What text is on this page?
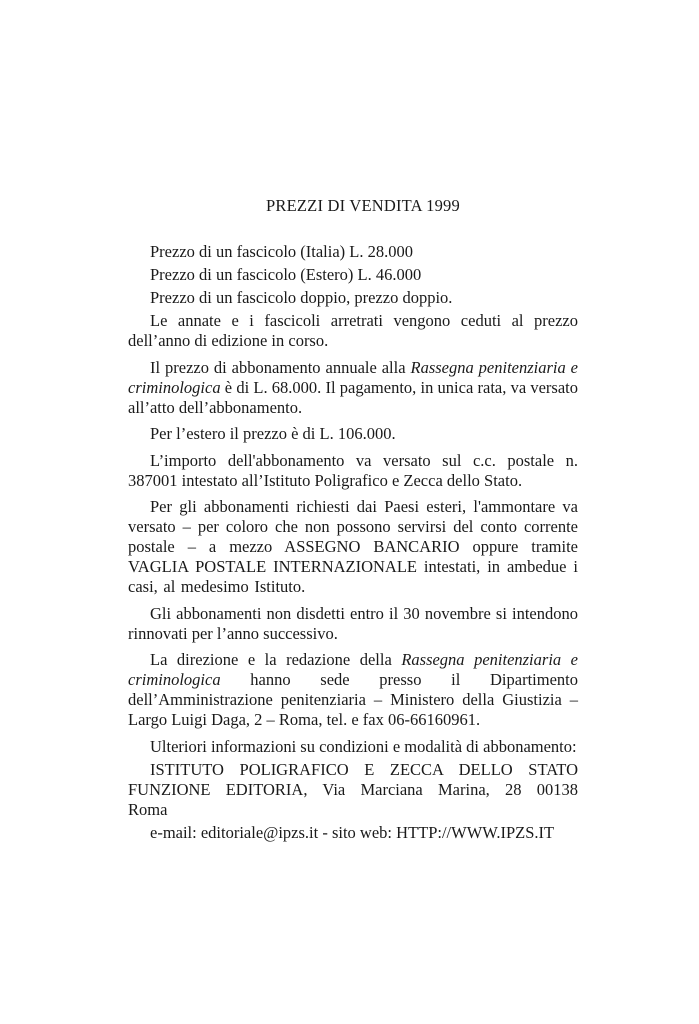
PREZZI DI VENDITA 1999

Prezzo di un fascicolo (Italia) L. 28.000

Prezzo di un fascicolo (Estero) L. 46.000

Prezzo di un fascicolo doppio, prezzo doppio.

Le annate e i fascicoli arretrati vengono ceduti al prezzo dell’anno di edizione in corso.

Il prezzo di abbonamento annuale alla Rassegna penitenziaria e criminologica è di L. 68.000. Il pagamento, in unica rata, va versato all’atto dell’abbonamento.

Per l’estero il prezzo è di L. 106.000.

L’importo dell'abbonamento va versato sul c.c. postale n. 387001 intestato all’Istituto Poligrafico e Zecca dello Stato.

Per gli abbonamenti richiesti dai Paesi esteri, l'ammontare va versato – per coloro che non possono servirsi del conto corrente postale – a mezzo ASSEGNO BANCARIO oppure tramite VAGLIA POSTALE INTERNAZIONALE intestati, in ambedue i casi, al medesimo Istituto.

Gli abbonamenti non disdetti entro il 30 novembre si intendono rinnovati per l’anno successivo.

La direzione e la redazione della Rassegna penitenziaria e criminologica hanno sede presso il Dipartimento dell’Amministrazione penitenziaria – Ministero della Giustizia – Largo Luigi Daga, 2 – Roma, tel. e fax 06-66160961.

Ulteriori informazioni su condizioni e modalità di abbonamento:

ISTITUTO POLIGRAFICO E ZECCA DELLO STATO FUNZIONE EDITORIA, Via Marciana Marina, 28 00138 Roma

e-mail: editoriale@ipzs.it - sito web: HTTP://WWW.IPZS.IT
